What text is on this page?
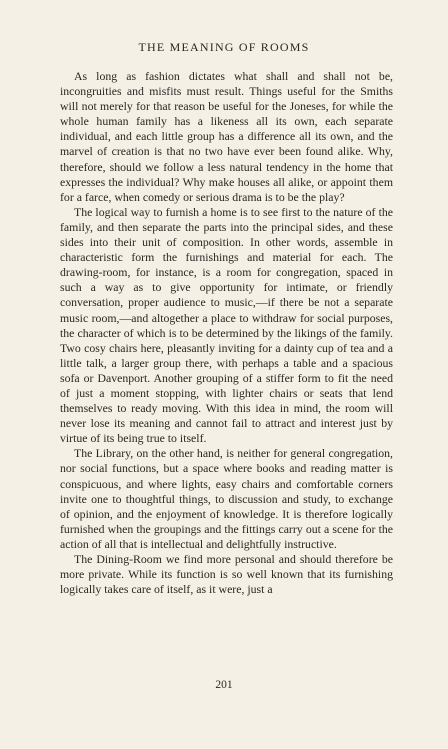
THE MEANING OF ROOMS

As long as fashion dictates what shall and shall not be, incongruities and misfits must result. Things useful for the Smiths will not merely for that reason be useful for the Joneses, for while the whole human family has a likeness all its own, each separate individual, and each little group has a difference all its own, and the marvel of creation is that no two have ever been found alike. Why, therefore, should we follow a less natural tendency in the home that expresses the individual? Why make houses all alike, or appoint them for a farce, when comedy or serious drama is to be the play?

The logical way to furnish a home is to see first to the nature of the family, and then separate the parts into the principal sides, and these sides into their unit of composition. In other words, assemble in characteristic form the furnishings and material for each. The drawing-room, for instance, is a room for congregation, spaced in such a way as to give opportunity for intimate, or friendly conversation, proper audience to music,—if there be not a separate music room,—and altogether a place to withdraw for social purposes, the character of which is to be determined by the likings of the family. Two cosy chairs here, pleasantly inviting for a dainty cup of tea and a little talk, a larger group there, with perhaps a table and a spacious sofa or Davenport. Another grouping of a stiffer form to fit the need of just a moment stopping, with lighter chairs or seats that lend themselves to ready moving. With this idea in mind, the room will never lose its meaning and cannot fail to attract and interest just by virtue of its being true to itself.

The Library, on the other hand, is neither for general congregation, nor social functions, but a space where books and reading matter is conspicuous, and where lights, easy chairs and comfortable corners invite one to thoughtful things, to discussion and study, to exchange of opinion, and the enjoyment of knowledge. It is therefore logically furnished when the groupings and the fittings carry out a scene for the action of all that is intellectual and delightfully instructive.

The Dining-Room we find more personal and should therefore be more private. While its function is so well known that its furnishing logically takes care of itself, as it were, just a

201
